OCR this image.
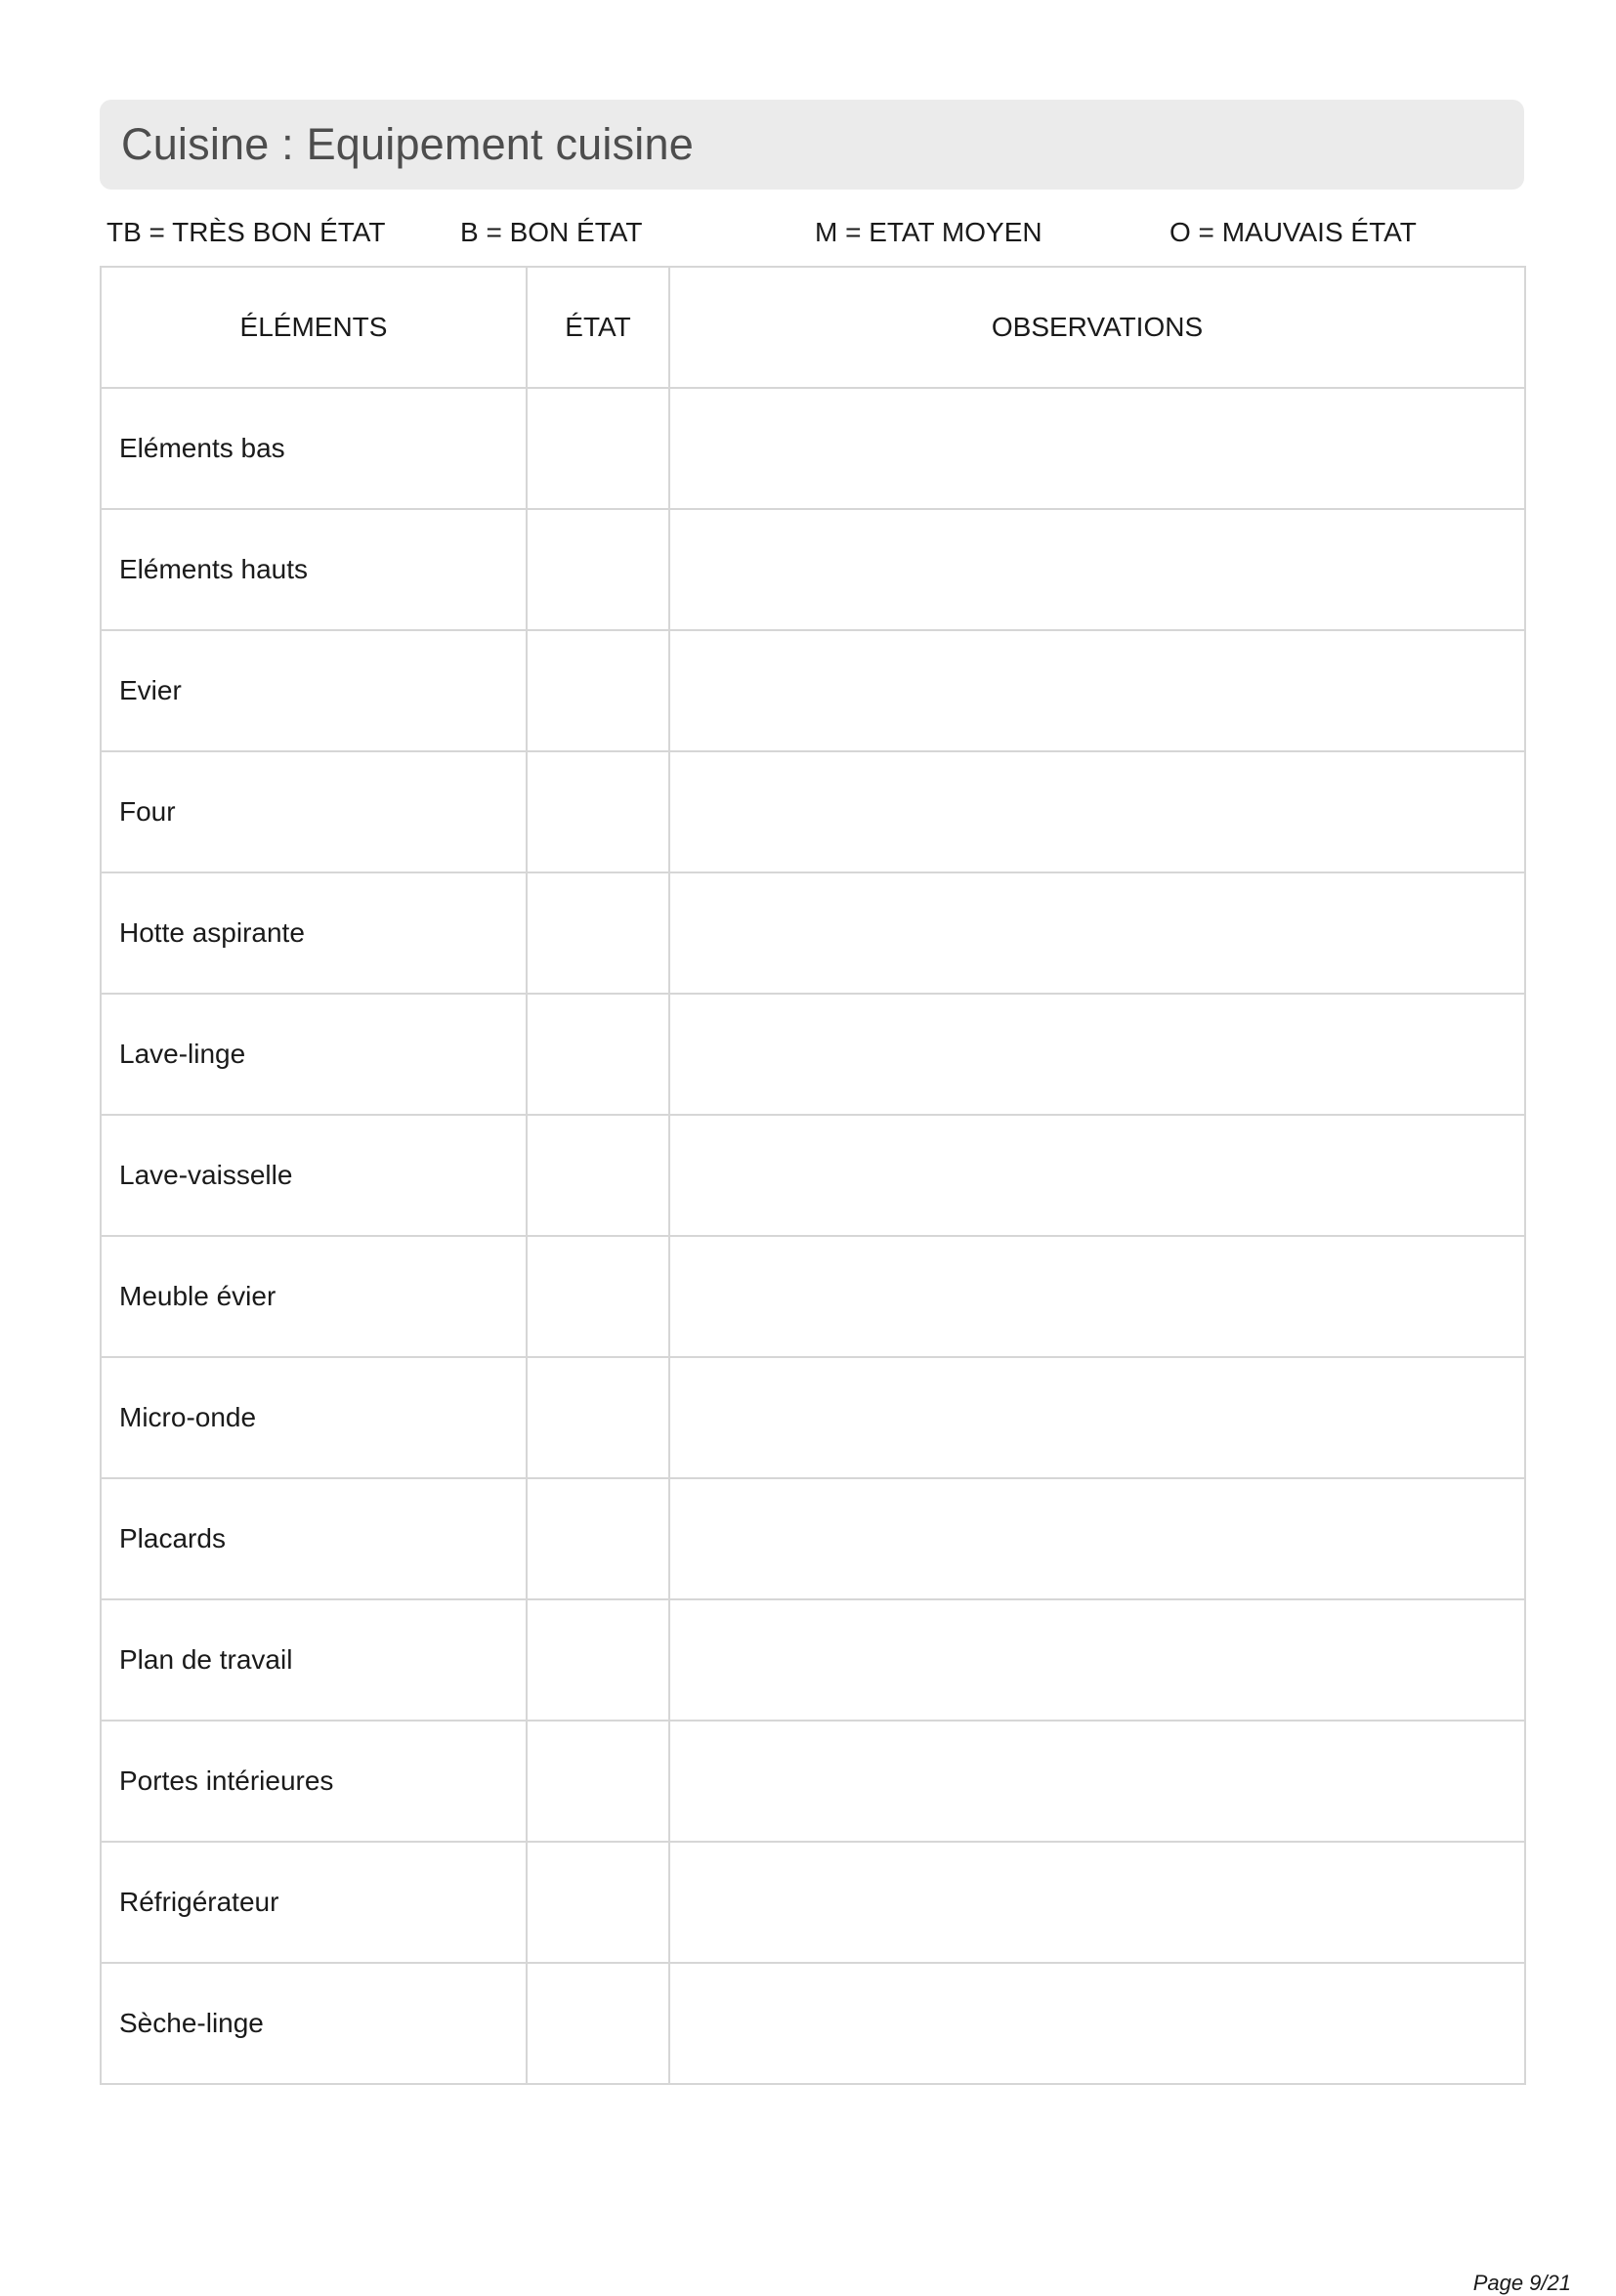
Cuisine : Equipement cuisine
TB = TRÈS BON ÉTAT	B = BON ÉTAT	M = ETAT MOYEN	O = MAUVAIS ÉTAT
ÉLÉMENTS	ÉTAT	OBSERVATIONS
Eléments bas		
Eléments hauts		
Evier		
Four		
Hotte aspirante		
Lave-linge		
Lave-vaisselle		
Meuble évier		
Micro-onde		
Placards		
Plan de travail		
Portes intérieures		
Réfrigérateur		
Sèche-linge		
Page 9/21
